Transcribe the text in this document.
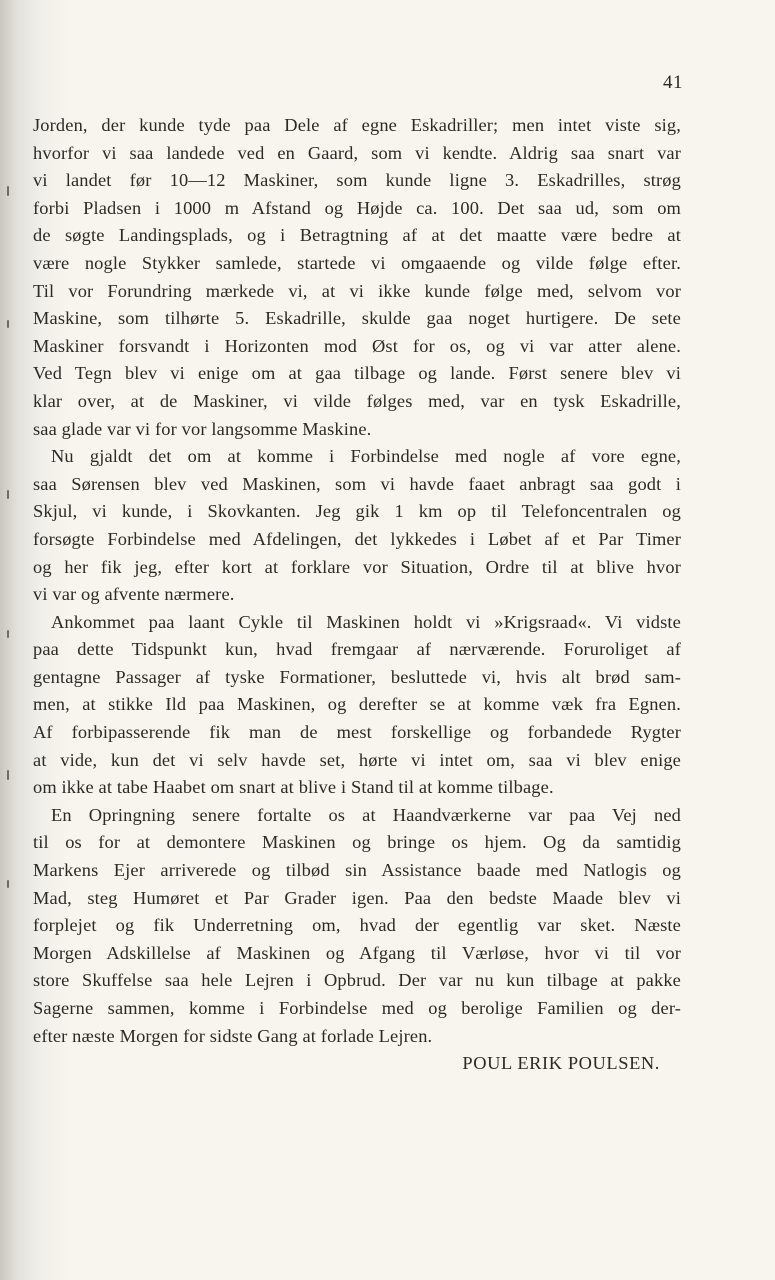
41
Jorden, der kunde tyde paa Dele af egne Eskadriller; men intet viste sig,
hvorfor vi saa landede ved en Gaard, som vi kendte. Aldrig saa snart var
vi landet før 10—12 Maskiner, som kunde ligne 3. Eskadrilles, strøg
forbi Pladsen i 1000 m Afstand og Højde ca. 100. Det saa ud, som om
de søgte Landingsplads, og i Betragtning af at det maatte være bedre at
være nogle Stykker samlede, startede vi omgaaende og vilde følge efter.
Til vor Forundring mærkede vi, at vi ikke kunde følge med, selvom vor
Maskine, som tilhørte 5. Eskadrille, skulde gaa noget hurtigere. De sete
Maskiner forsvandt i Horizonten mod Øst for os, og vi var atter alene.
Ved Tegn blev vi enige om at gaa tilbage og lande. Først senere blev vi
klar over, at de Maskiner, vi vilde følges med, var en tysk Eskadrille,
saa glade var vi for vor langsomme Maskine.
Nu gjaldt det om at komme i Forbindelse med nogle af vore egne,
saa Sørensen blev ved Maskinen, som vi havde faaet anbragt saa godt i
Skjul, vi kunde, i Skovkanten. Jeg gik 1 km op til Telefoncentralen og
forsøgte Forbindelse med Afdelingen, det lykkedes i Løbet af et Par Timer
og her fik jeg, efter kort at forklare vor Situation, Ordre til at blive hvor
vi var og afvente nærmere.
Ankommet paa laant Cykle til Maskinen holdt vi »Krigsraad«. Vi vidste
paa dette Tidspunkt kun, hvad fremgaar af nærværende. Foruroliget af
gentagne Passager af tyske Formationer, besluttede vi, hvis alt brød sam-
men, at stikke Ild paa Maskinen, og derefter se at komme væk fra Egnen.
Af forbipasserende fik man de mest forskellige og forbandede Rygter
at vide, kun det vi selv havde set, hørte vi intet om, saa vi blev enige
om ikke at tabe Haabet om snart at blive i Stand til at komme tilbage.
En Opringning senere fortalte os at Haandværkerne var paa Vej ned
til os for at demontere Maskinen og bringe os hjem. Og da samtidig
Markens Ejer arriverede og tilbød sin Assistance baade med Natlogis og
Mad, steg Humøret et Par Grader igen. Paa den bedste Maade blev vi
forplejet og fik Underretning om, hvad der egentlig var sket. Næste
Morgen Adskillelse af Maskinen og Afgang til Værløse, hvor vi til vor
store Skuffelse saa hele Lejren i Opbrud. Der var nu kun tilbage at pakke
Sagerne sammen, komme i Forbindelse med og berolige Familien og der-
efter næste Morgen for sidste Gang at forlade Lejren.
POUL ERIK POULSEN.
